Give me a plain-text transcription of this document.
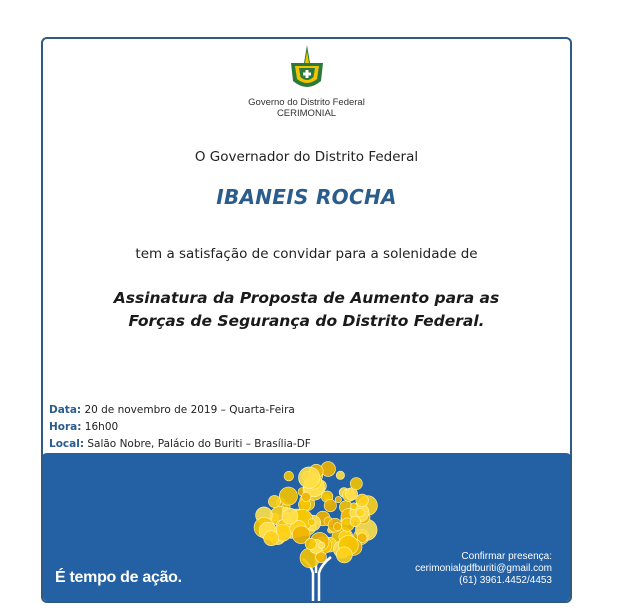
Governo do Distrito Federal
CERIMONIAL
O Governador do Distrito Federal
IBANEIS ROCHA
tem a satisfação de convidar para a solenidade de
Assinatura da Proposta de Aumento para as
Forças de Segurança do Distrito Federal.
Data: 20 de novembro de 2019 – Quarta-Feira
Hora: 16h00
Local: Salão Nobre, Palácio do Buriti – Brasília-DF
É tempo de ação.
Confirmar presença:
cerimonialgdfburiti@gmail.com
(61) 3961.4452/4453
